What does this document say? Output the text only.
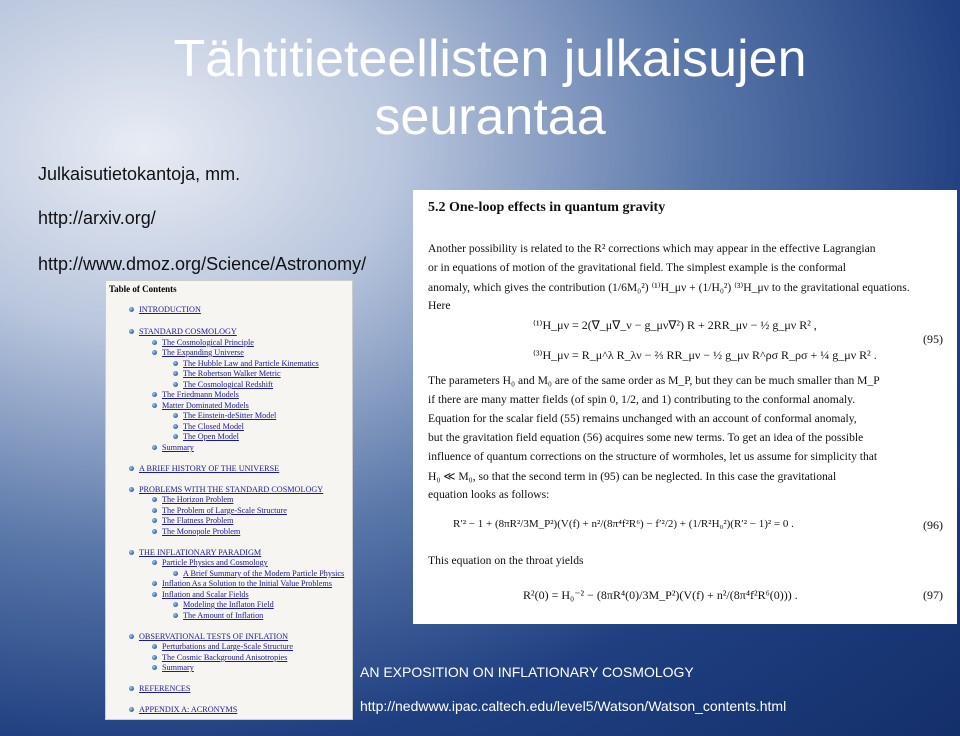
Tähtitieteellisten julkaisujen seurantaa
Julkaisutietokantoja, mm.
http://arxiv.org/
http://www.dmoz.org/Science/Astronomy/
Table of Contents
INTRODUCTION
STANDARD COSMOLOGY
The Cosmological Principle
The Expanding Universe
The Hubble Law and Particle Kinematics
The Robertson Walker Metric
The Cosmological Redshift
The Friedmann Models
Matter Dominated Models
The Einstein-deSitter Model
The Closed Model
The Open Model
Summary
A BRIEF HISTORY OF THE UNIVERSE
PROBLEMS WITH THE STANDARD COSMOLOGY
The Horizon Problem
The Problem of Large-Scale Structure
The Flatness Problem
The Monopole Problem
THE INFLATIONARY PARADIGM
Particle Physics and Cosmology
A Brief Summary of the Modern Particle Physics
Inflation As a Solution to the Initial Value Problems
Inflation and Scalar Fields
Modeling the Inflaton Field
The Amount of Inflation
OBSERVATIONAL TESTS OF INFLATION
Perturbations and Large-Scale Structure
The Cosmic Background Anisotropies
Summary
REFERENCES
APPENDIX A: ACRONYMS
5.2 One-loop effects in quantum gravity
Another possibility is related to the R² corrections which may appear in the effective Lagrangian
or in equations of motion of the gravitational field. The simplest example is the conformal
anomaly, which gives the contribution (1/6M₀²) ⁽¹⁾H_μν + (1/H₀²) ⁽³⁾H_μν to the gravitational equations.
Here
⁽¹⁾H_μν = 2(∇_μ∇_ν − g_μν∇²) R + 2RR_μν − ½ g_μν R² ,
⁽³⁾H_μν = R_μ^λ R_λν − ⅔ RR_μν − ½ g_μν R^ρσ R_ρσ + ¼ g_μν R² .
(95)
The parameters H₀ and M₀ are of the same order as M_P, but they can be much smaller than M_P
if there are many matter fields (of spin 0, 1/2, and 1) contributing to the conformal anomaly.
Equation for the scalar field (55) remains unchanged with an account of conformal anomaly,
but the gravitation field equation (56) acquires some new terms. To get an idea of the possible
influence of quantum corrections on the structure of wormholes, let us assume for simplicity that
H₀ ≪ M₀, so that the second term in (95) can be neglected. In this case the gravitational
equation looks as follows:
R′² − 1 + (8πR²/3M_P²)(V(f) + n²/(8π⁴f²R⁶) − f′²/2) + (1/R²H₀²)(R′² − 1)² = 0 .	(96)
This equation on the throat yields
R²(0) = H₀⁻² − (8πR⁴(0)/3M_P²)(V(f) + n²/(8π⁴f²R⁶(0))) .	(97)
AN EXPOSITION ON INFLATIONARY COSMOLOGY
http://nedwww.ipac.caltech.edu/level5/Watson/Watson_contents.html
